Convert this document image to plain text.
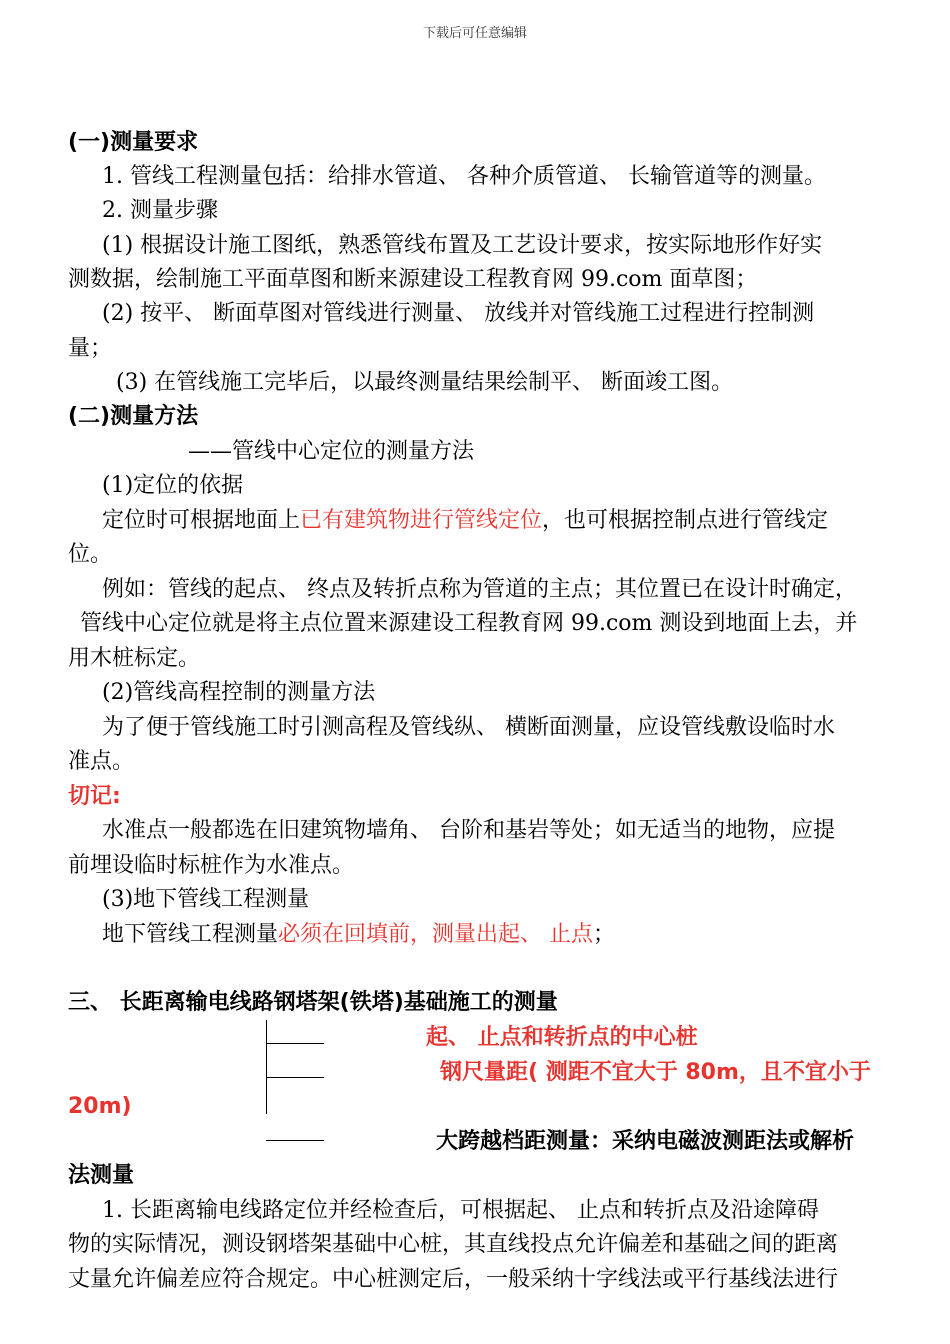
下载后可任意编辑
(一)测量要求
1. 管线工程测量包括：给排水管道、 各种介质管道、 长输管道等的测量。
2. 测量步骤
(1) 根据设计施工图纸，熟悉管线布置及工艺设计要求，按实际地形作好实
测数据，绘制施工平面草图和断来源建设工程教育网 99.com 面草图；
(2) 按平、 断面草图对管线进行测量、 放线并对管线施工过程进行控制测
量；
(3) 在管线施工完毕后，以最终测量结果绘制平、 断面竣工图。
(二)测量方法
——管线中心定位的测量方法
(1)定位的依据
定位时可根据地面上已有建筑物进行管线定位，也可根据控制点进行管线定
位。
例如：管线的起点、 终点及转折点称为管道的主点；其位置已在设计时确定，
管线中心定位就是将主点位置来源建设工程教育网 99.com 测设到地面上去，并
用木桩标定。
(2)管线高程控制的测量方法
为了便于管线施工时引测高程及管线纵、 横断面测量，应设管线敷设临时水
准点。
切记:
水准点一般都选在旧建筑物墙角、 台阶和基岩等处；如无适当的地物，应提
前埋设临时标桩作为水准点。
(3)地下管线工程测量
地下管线工程测量必须在回填前，测量出起、 止点；
三、 长距离输电线路钢塔架(铁塔)基础施工的测量
起、 止点和转折点的中心桩
钢尺量距( 测距不宜大于 80m，且不宜小于
20m)
大跨越档距测量：采纳电磁波测距法或解析
法测量
1. 长距离输电线路定位并经检查后，可根据起、 止点和转折点及沿途障碍
物的实际情况，测设钢塔架基础中心桩，其直线投点允许偏差和基础之间的距离
丈量允许偏差应符合规定。中心桩测定后，一般采纳十字线法或平行基线法进行
